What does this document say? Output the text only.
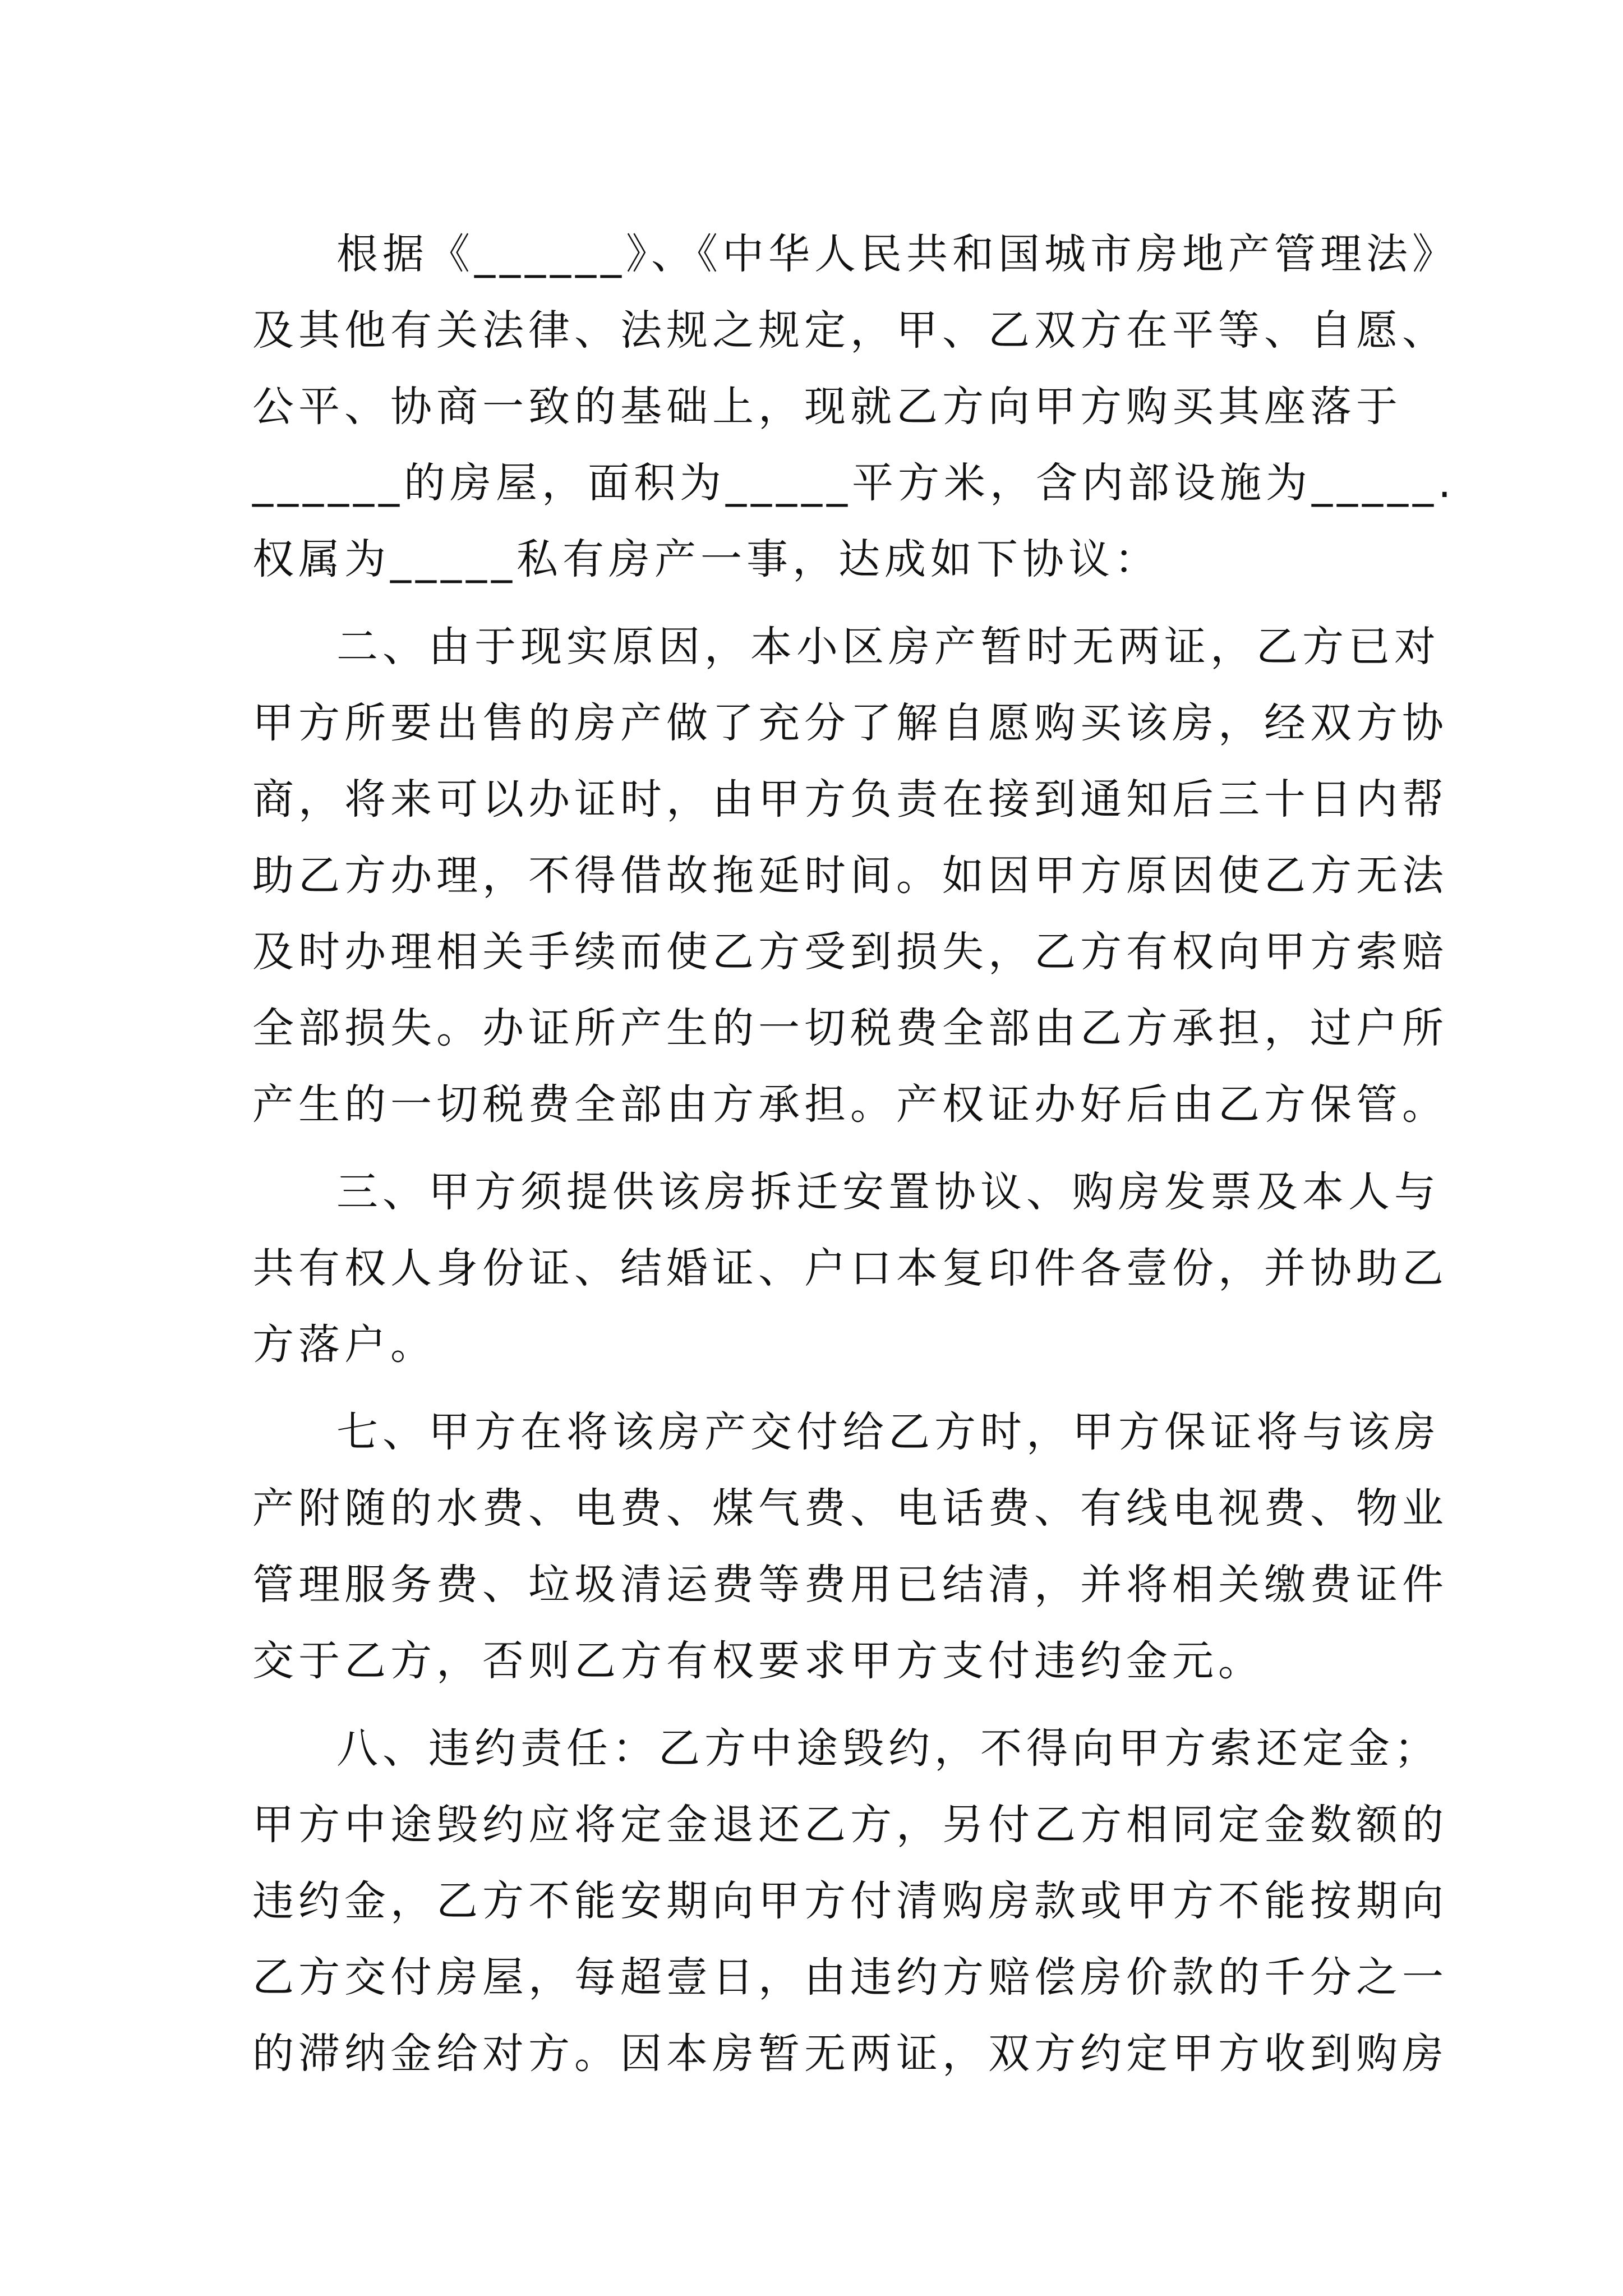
根据《______》、《中华人民共和国城市房地产管理法》
及其他有关法律、法规之规定，甲、乙双方在平等、自愿、
公平、协商一致的基础上，现就乙方向甲方购买其座落于
______的房屋，面积为_____平方米，含内部设施为_____.
权属为_____私有房产一事，达成如下协议：
二、由于现实原因，本小区房产暂时无两证，乙方已对
甲方所要出售的房产做了充分了解自愿购买该房，经双方协
商，将来可以办证时，由甲方负责在接到通知后三十日内帮
助乙方办理，不得借故拖延时间。如因甲方原因使乙方无法
及时办理相关手续而使乙方受到损失，乙方有权向甲方索赔
全部损失。办证所产生的一切税费全部由乙方承担，过户所
产生的一切税费全部由方承担。产权证办好后由乙方保管。
三、甲方须提供该房拆迁安置协议、购房发票及本人与
共有权人身份证、结婚证、户口本复印件各壹份，并协助乙
方落户。
七、甲方在将该房产交付给乙方时，甲方保证将与该房
产附随的水费、电费、煤气费、电话费、有线电视费、物业
管理服务费、垃圾清运费等费用已结清，并将相关缴费证件
交于乙方，否则乙方有权要求甲方支付违约金元。
八、违约责任：乙方中途毁约，不得向甲方索还定金；
甲方中途毁约应将定金退还乙方，另付乙方相同定金数额的
违约金，乙方不能安期向甲方付清购房款或甲方不能按期向
乙方交付房屋，每超壹日，由违约方赔偿房价款的千分之一
的滞纳金给对方。因本房暂无两证，双方约定甲方收到购房
